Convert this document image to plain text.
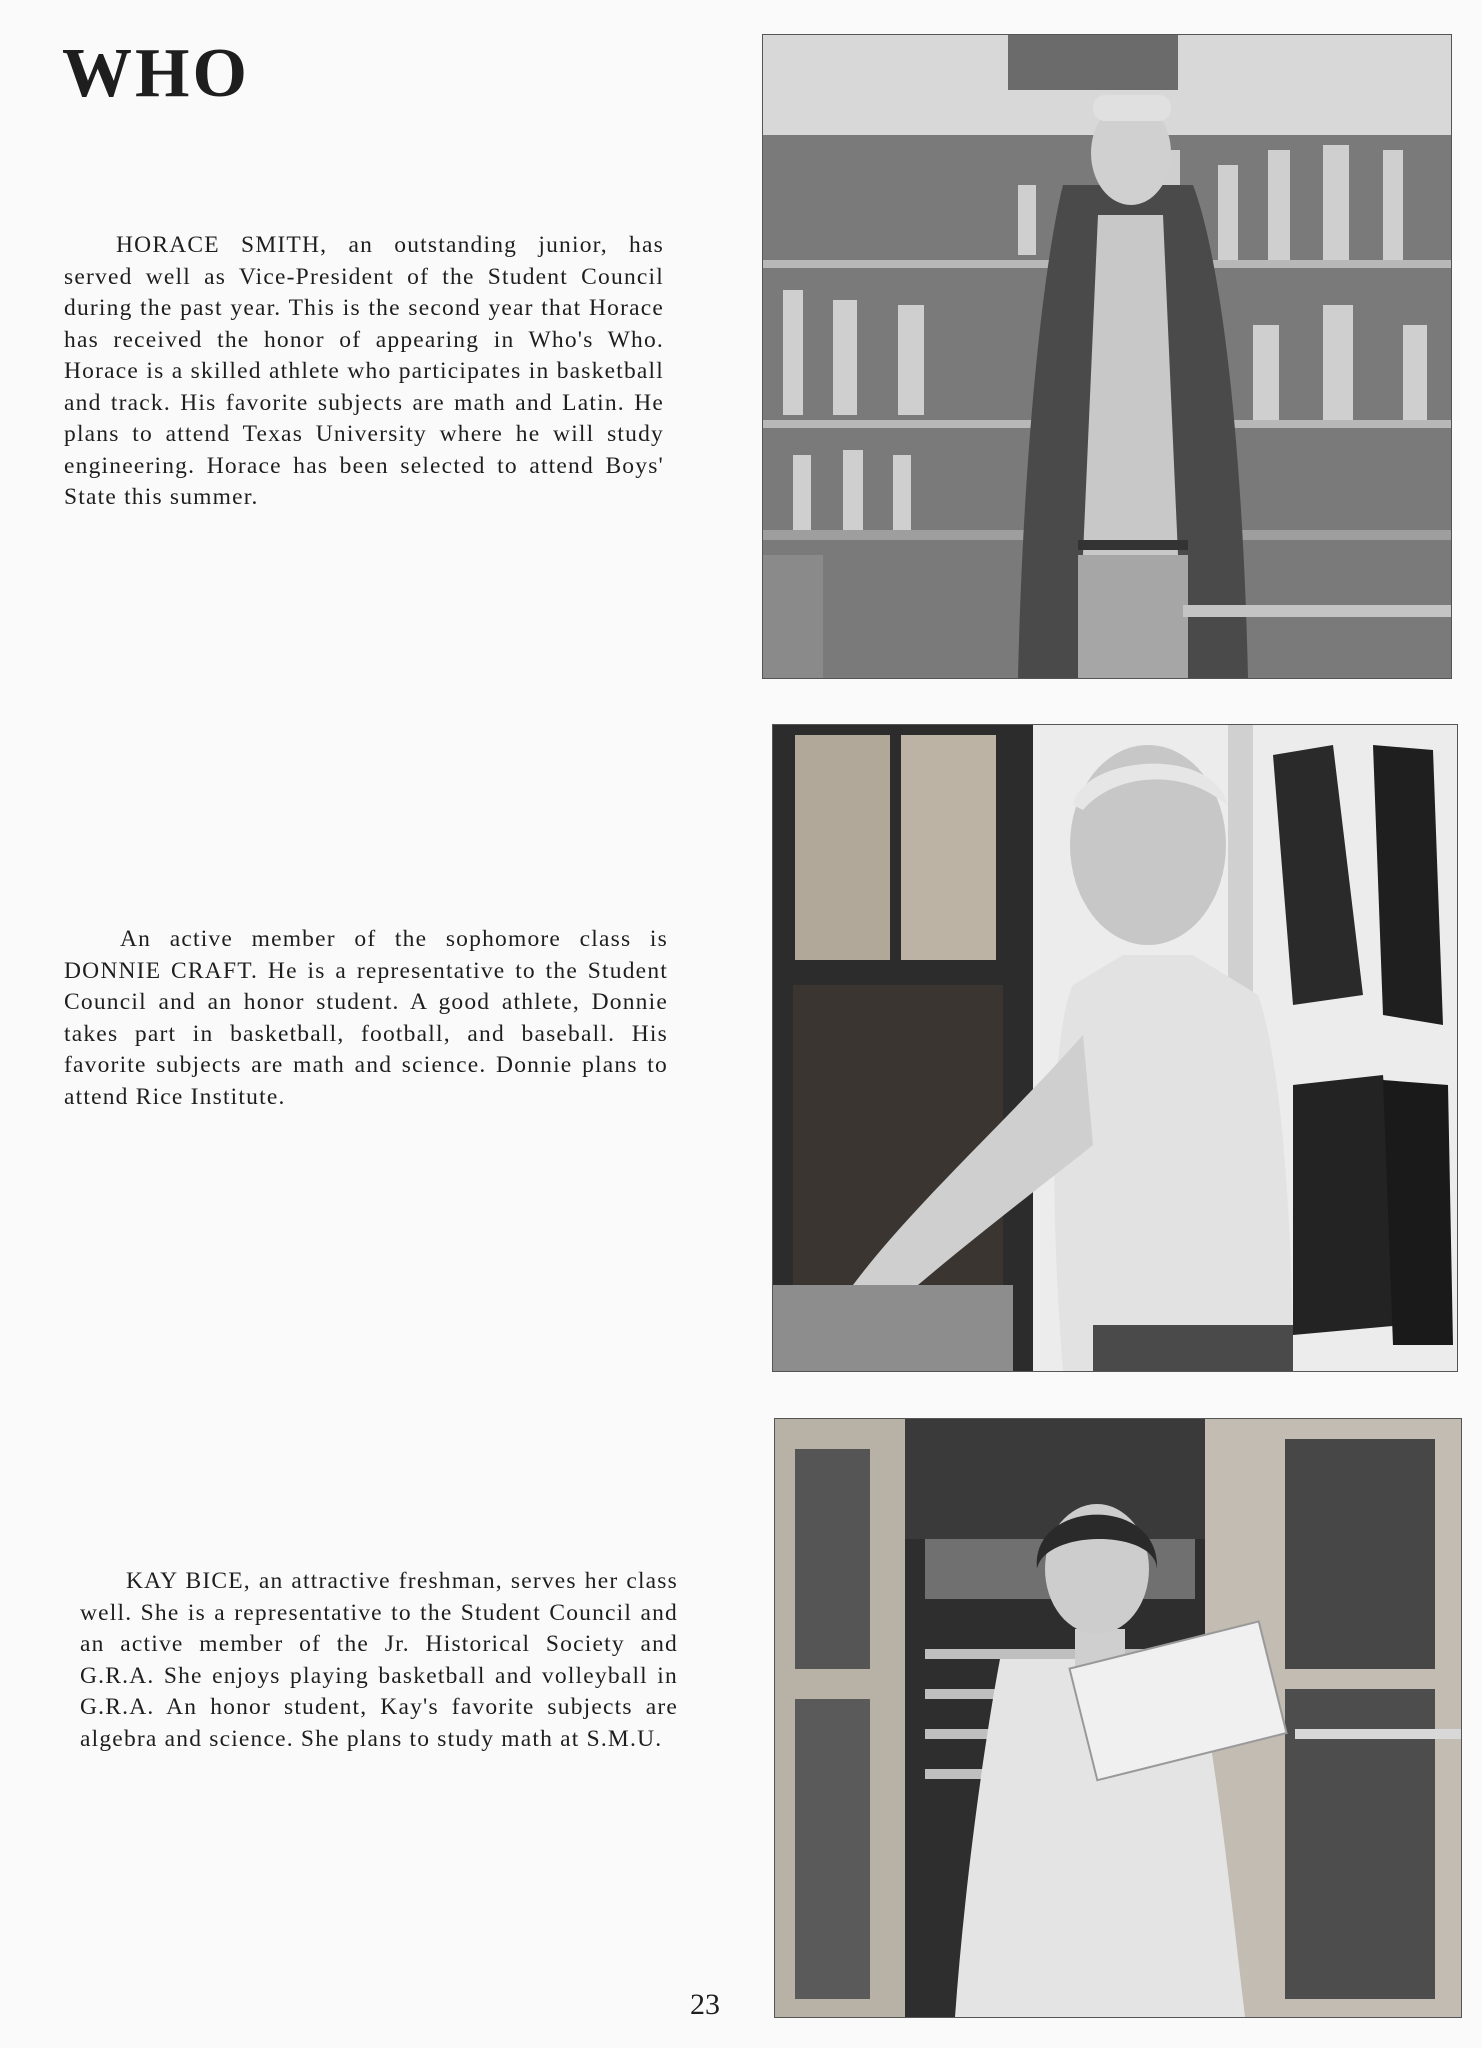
WHO

HORACE SMITH, an outstanding junior, has served well as Vice-President of the Student Council during the past year. This is the second year that Horace has received the honor of appearing in Who's Who. Horace is a skilled athlete who participates in basketball and track. His favorite subjects are math and Latin. He plans to attend Texas University where he will study engineering. Horace has been selected to attend Boys' State this summer.

An active member of the sophomore class is DONNIE CRAFT. He is a representative to the Student Council and an honor student. A good athlete, Donnie takes part in basketball, football, and baseball. His favorite subjects are math and science. Donnie plans to attend Rice Institute.

KAY BICE, an attractive freshman, serves her class well. She is a representative to the Student Council and an active member of the Jr. Historical Society and G.R.A. She enjoys playing basketball and volleyball in G.R.A. An honor student, Kay's favorite subjects are algebra and science. She plans to study math at S.M.U.

23
